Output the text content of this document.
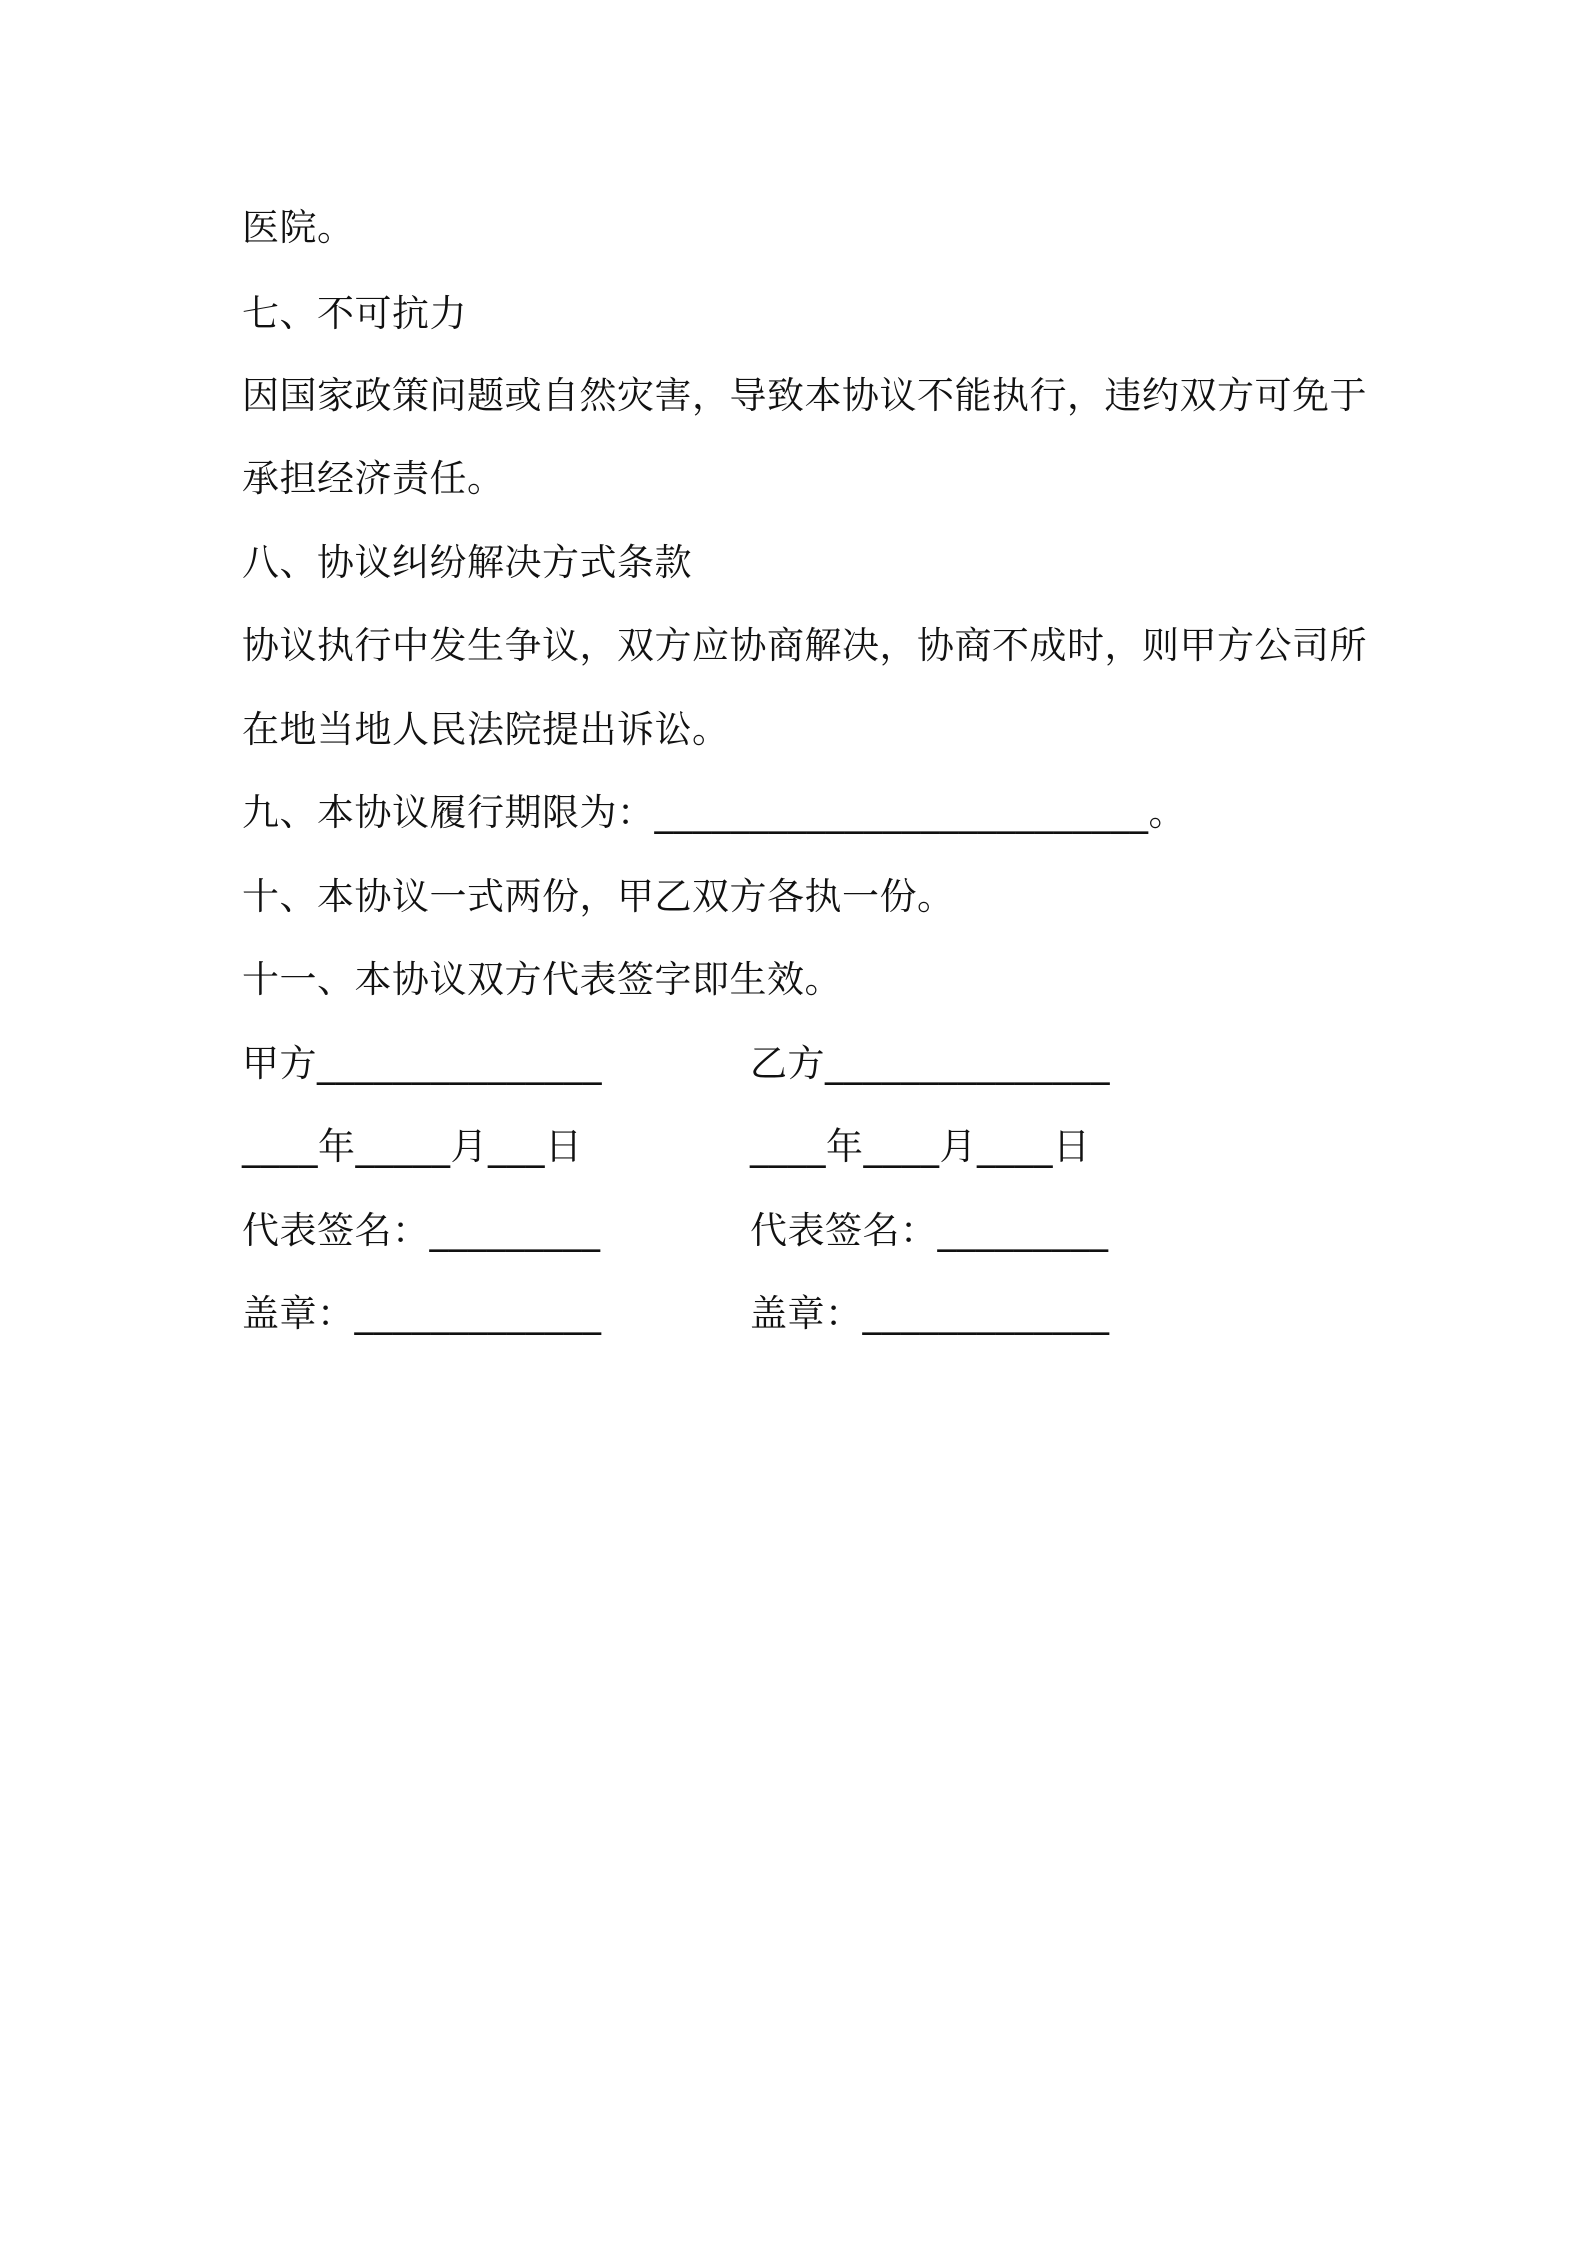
医院。
七、不可抗力
因国家政策问题或自然灾害，导致本协议不能执行，违约双方可免于
承担经济责任。
八、协议纠纷解决方式条款
协议执行中发生争议，双方应协商解决，协商不成时，则甲方公司所
在地当地人民法院提出诉讼。
九、本协议履行期限为：__________________________。
十、本协议一式两份，甲乙双方各执一份。
十一、本协议双方代表签字即生效。
甲方_______________	乙方_______________
____年_____月___日	____年____月____日
代表签名：_________	代表签名：_________
盖章：_____________	盖章：_____________
